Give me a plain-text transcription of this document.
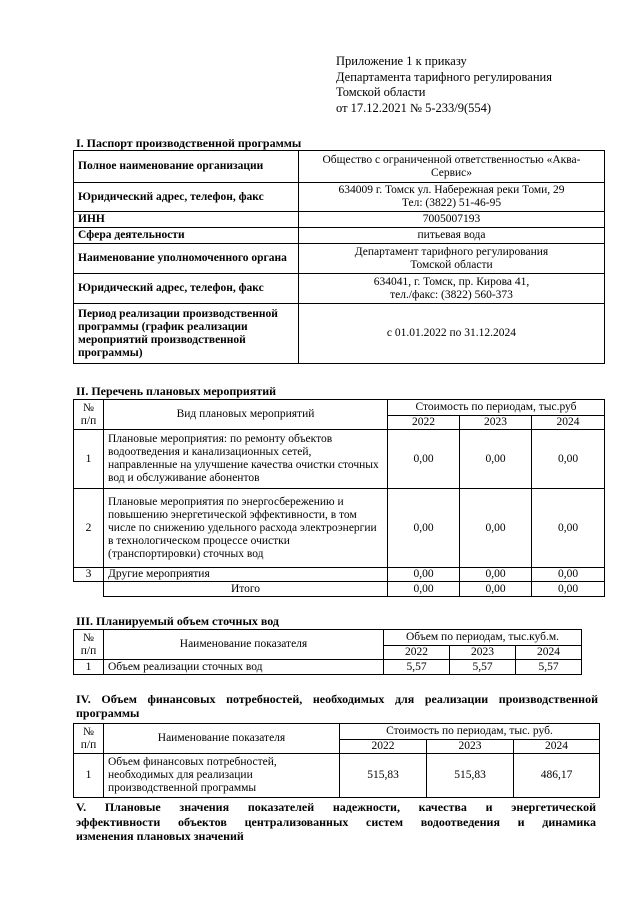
Приложение 1 к приказу
Департамента тарифного регулирования
Томской области
от 17.12.2021 № 5-233/9(554)
I. Паспорт производственной программы
Полное наименование организации	Общество с ограниченной ответственностью «Аква-Сервис»
Юридический адрес, телефон, факс	634009 г. Томск ул. Набережная реки Томи, 29
Тел: (3822) 51-46-95

ИНН	7005007193
Сфера деятельности	питьевая вода
Наименование уполномоченного органа	Департамент тарифного регулирования
Томской области

Юридический адрес, телефон, факс	634041, г. Томск, пр. Кирова 41,
тел./факс: (3822) 560-373

Период реализации производственной программы (график реализации мероприятий производственной программы)	с 01.01.2022 по 31.12.2024
II. Перечень плановых мероприятий
№ п/п	Вид плановых мероприятий	Стоимость по периодам, тыс.руб		
		2022	2023	2024
1	Плановые мероприятия: по ремонту объектов водоотведения и канализационных сетей, направленные на улучшение качества очистки сточных вод и обслуживание абонентов	0,00	0,00	0,00
2	Плановые мероприятия по энергосбережению и повышению энергетической эффективности, в том числе по снижению удельного расхода электроэнергии в технологическом процессе очистки (транспортировки) сточных вод	0,00	0,00	0,00
3	Другие мероприятия	0,00	0,00	0,00
	Итого	0,00	0,00	0,00
III. Планируемый объем сточных вод
№ п/п	Наименование показателя	Объем по периодам, тыс.куб.м.		
		2022	2023	2024
1	Объем реализации сточных вод	5,57	5,57	5,57
IV. Объем финансовых потребностей, необходимых для реализации производственной программы
№ п/п	Наименование показателя	Стоимость по периодам, тыс. руб.		
		2022	2023	2024
1	Объем финансовых потребностей, необходимых для реализации производственной программы	515,83	515,83	486,17
V. Плановые значения показателей надежности, качества и энергетической
эффективности объектов централизованных систем водоотведения и динамика
изменения плановых значений
